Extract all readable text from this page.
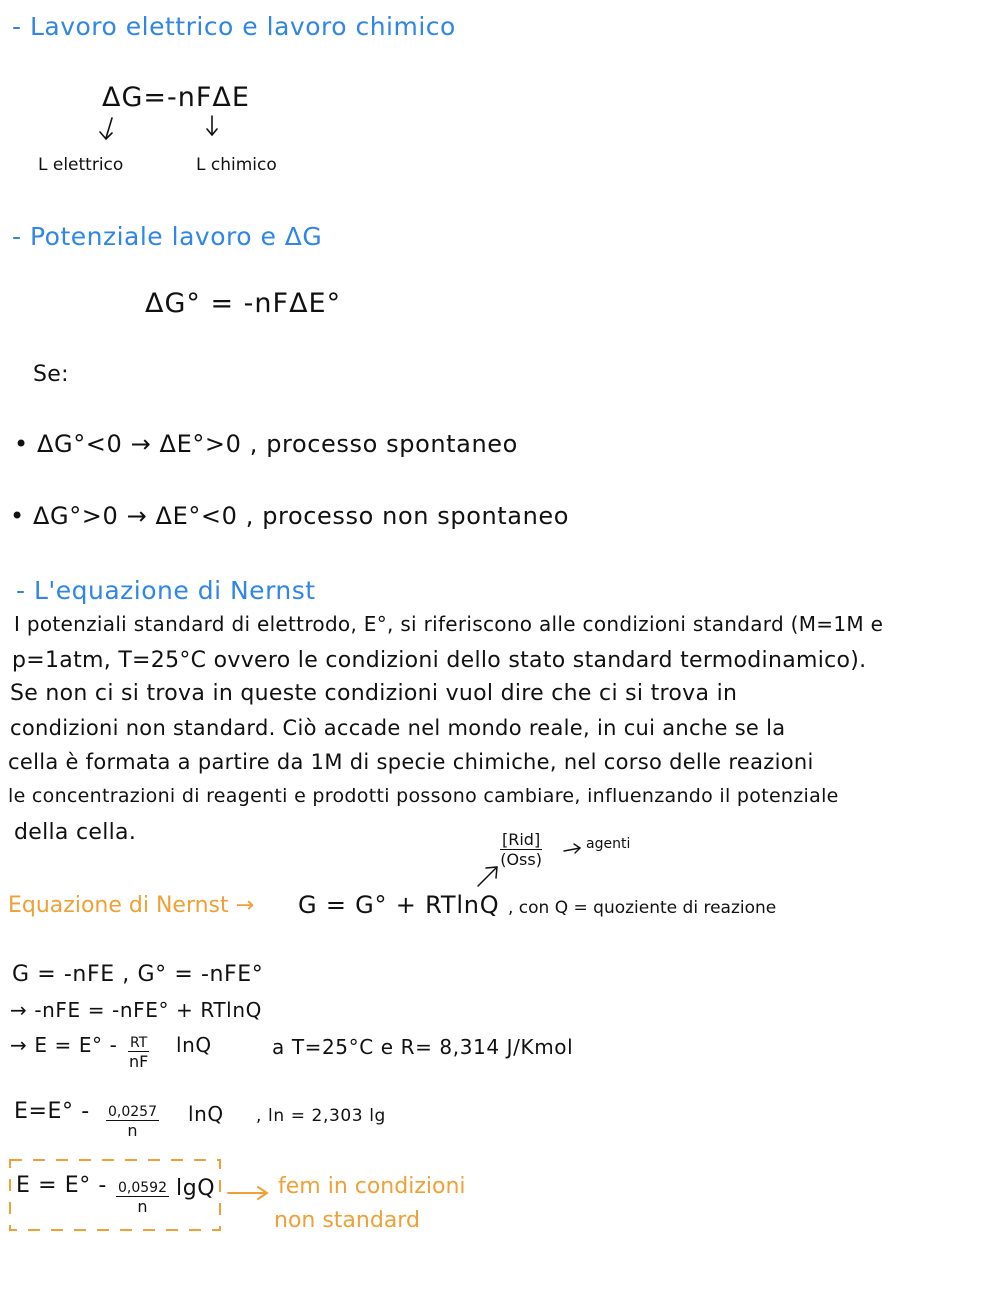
- Lavoro elettrico e lavoro chimico
ΔG=-nFΔE
L elettrico	L chimico
- Potenziale lavoro e ΔG
ΔG° = -nFΔE°
Se:
• ΔG°<0 → ΔE°>0 , processo spontaneo
• ΔG°>0 → ΔE°<0 , processo non spontaneo
- L'equazione di Nernst
I potenziali standard di elettrodo, E°, si riferiscono alle condizioni standard (M=1M e
p=1atm, T=25°C ovvero le condizioni dello stato standard termodinamico).
Se non ci si trova in queste condizioni vuol dire che ci si trova in
condizioni non standard. Ciò accade nel mondo reale, in cui anche se la
cella è formata a partire da 1M di specie chimiche, nel corso delle reazioni
le concentrazioni di reagenti e prodotti possono cambiare, influenzando il potenziale
della cella.	[Rid]
(Oss)
agenti
Equazione di Nernst → G = G° + RTlnQ , con Q = quoziente di reazione
G = -nFE , G° = -nFE°
→ -nFE = -nFE° + RTlnQ
→ $E = E^\circ - \frac{RT}{nF}$ lnQ	a T=25°C e R= 8,314 J/Kmol
$E=E^\circ - \frac{0,0257}{n}$ lnQ , ln = 2,303 lg
$E = E^\circ - \frac{0,0592}{n}$ lgQ	fem in condizioni
non standard
